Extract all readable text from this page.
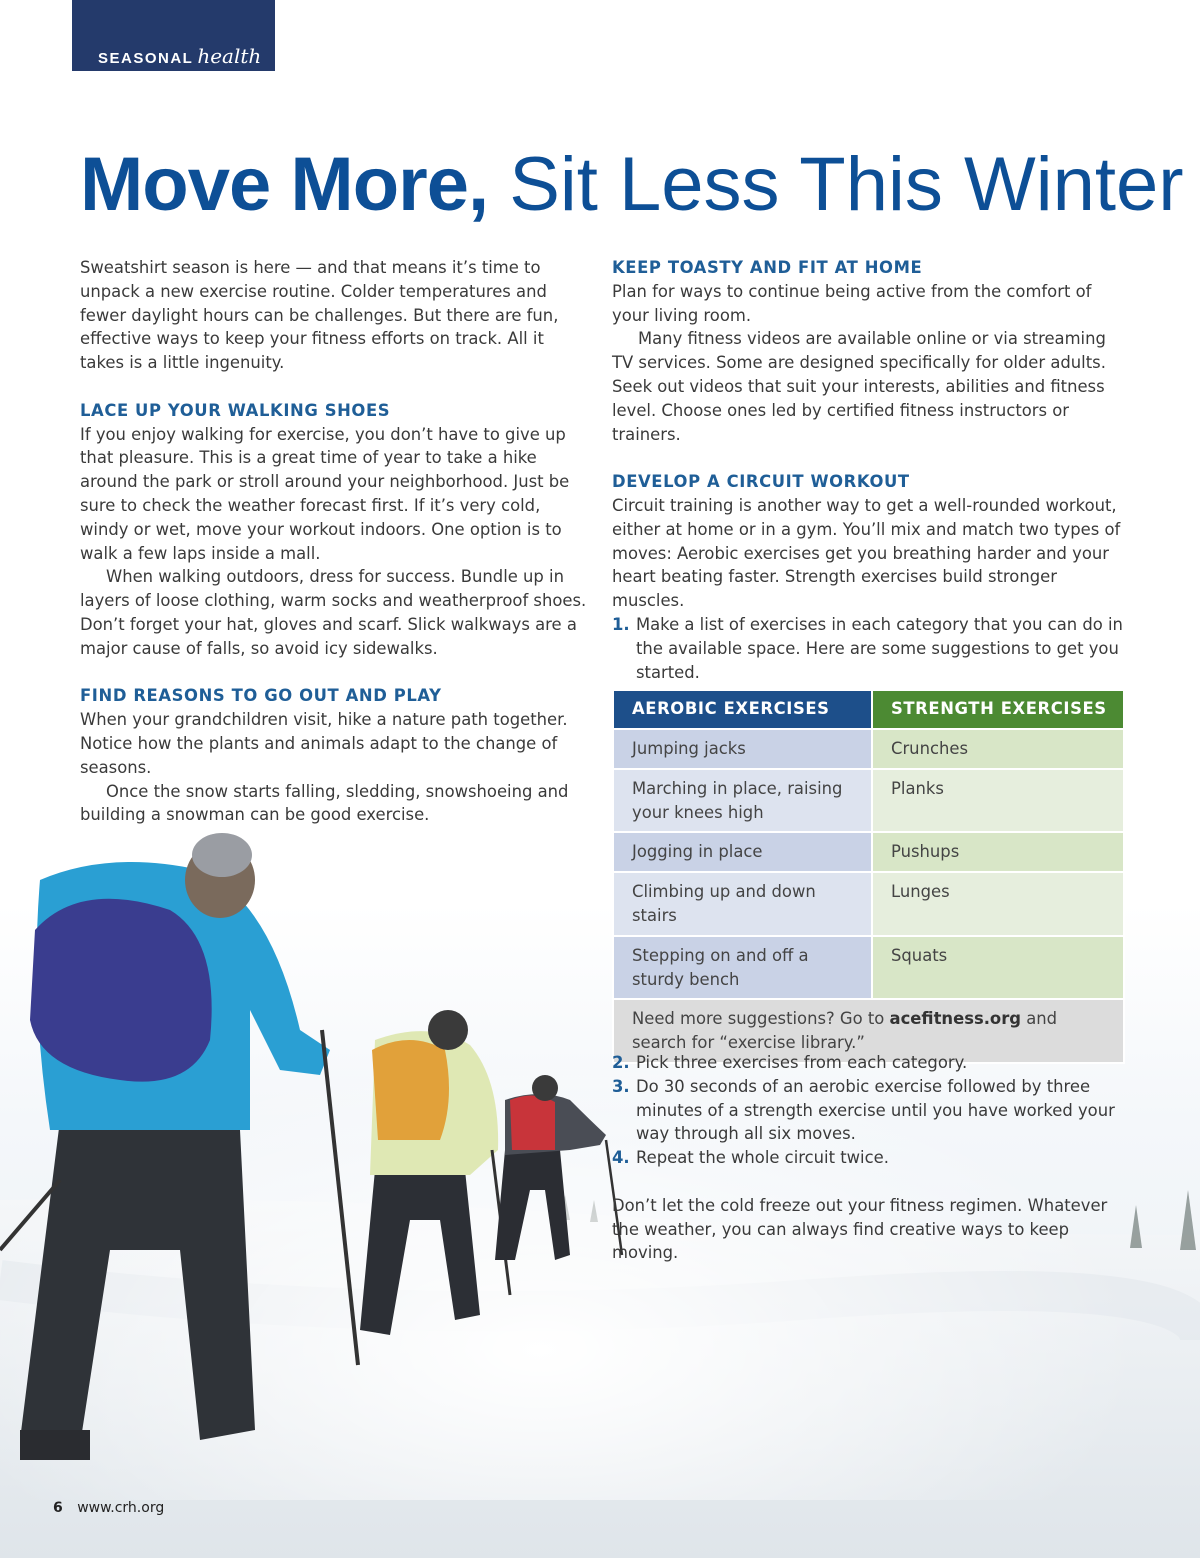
SEASONAL health
Move More, Sit Less This Winter

Sweatshirt season is here — and that means it’s time to unpack a new exercise routine. Colder temperatures and fewer daylight hours can be challenges. But there are fun, effective ways to keep your fitness efforts on track. All it takes is a little ingenuity.

LACE UP YOUR WALKING SHOES

If you enjoy walking for exercise, you don’t have to give up that pleasure. This is a great time of year to take a hike around the park or stroll around your neighborhood. Just be sure to check the weather forecast first. If it’s very cold, windy or wet, move your workout indoors. One option is to walk a few laps inside a mall.

When walking outdoors, dress for success. Bundle up in layers of loose clothing, warm socks and weatherproof shoes. Don’t forget your hat, gloves and scarf. Slick walkways are a major cause of falls, so avoid icy sidewalks.

FIND REASONS TO GO OUT AND PLAY

When your grandchildren visit, hike a nature path together. Notice how the plants and animals adapt to the change of seasons.

Once the snow starts falling, sledding, snowshoeing and building a snowman can be good exercise.

KEEP TOASTY AND FIT AT HOME

Plan for ways to continue being active from the comfort of your living room.

Many fitness videos are available online or via streaming TV services. Some are designed specifically for older adults. Seek out videos that suit your interests, abilities and fitness level. Choose ones led by certified fitness instructors or trainers.

DEVELOP A CIRCUIT WORKOUT

Circuit training is another way to get a well-rounded workout, either at home or in a gym. You’ll mix and match two types of moves: Aerobic exercises get you breathing harder and your heart beating faster. Strength exercises build stronger muscles.

1. Make a list of exercises in each category that you can do in the available space. Here are some suggestions to get you started.
AEROBIC EXERCISES	STRENGTH EXERCISES
Jumping jacks	Crunches
Marching in place, raising your knees high	Planks
Jogging in place	Pushups
Climbing up and down stairs	Lunges
Stepping on and off a sturdy bench	Squats
Need more suggestions? Go to acefitness.org and search for “exercise library.”	
2. Pick three exercises from each category.
3. Do 30 seconds of an aerobic exercise followed by three minutes of a strength exercise until you have worked your way through all six moves.
4. Repeat the whole circuit twice.

Don’t let the cold freeze out your fitness regimen. Whatever the weather, you can always find creative ways to keep moving.

6 www.crh.org
